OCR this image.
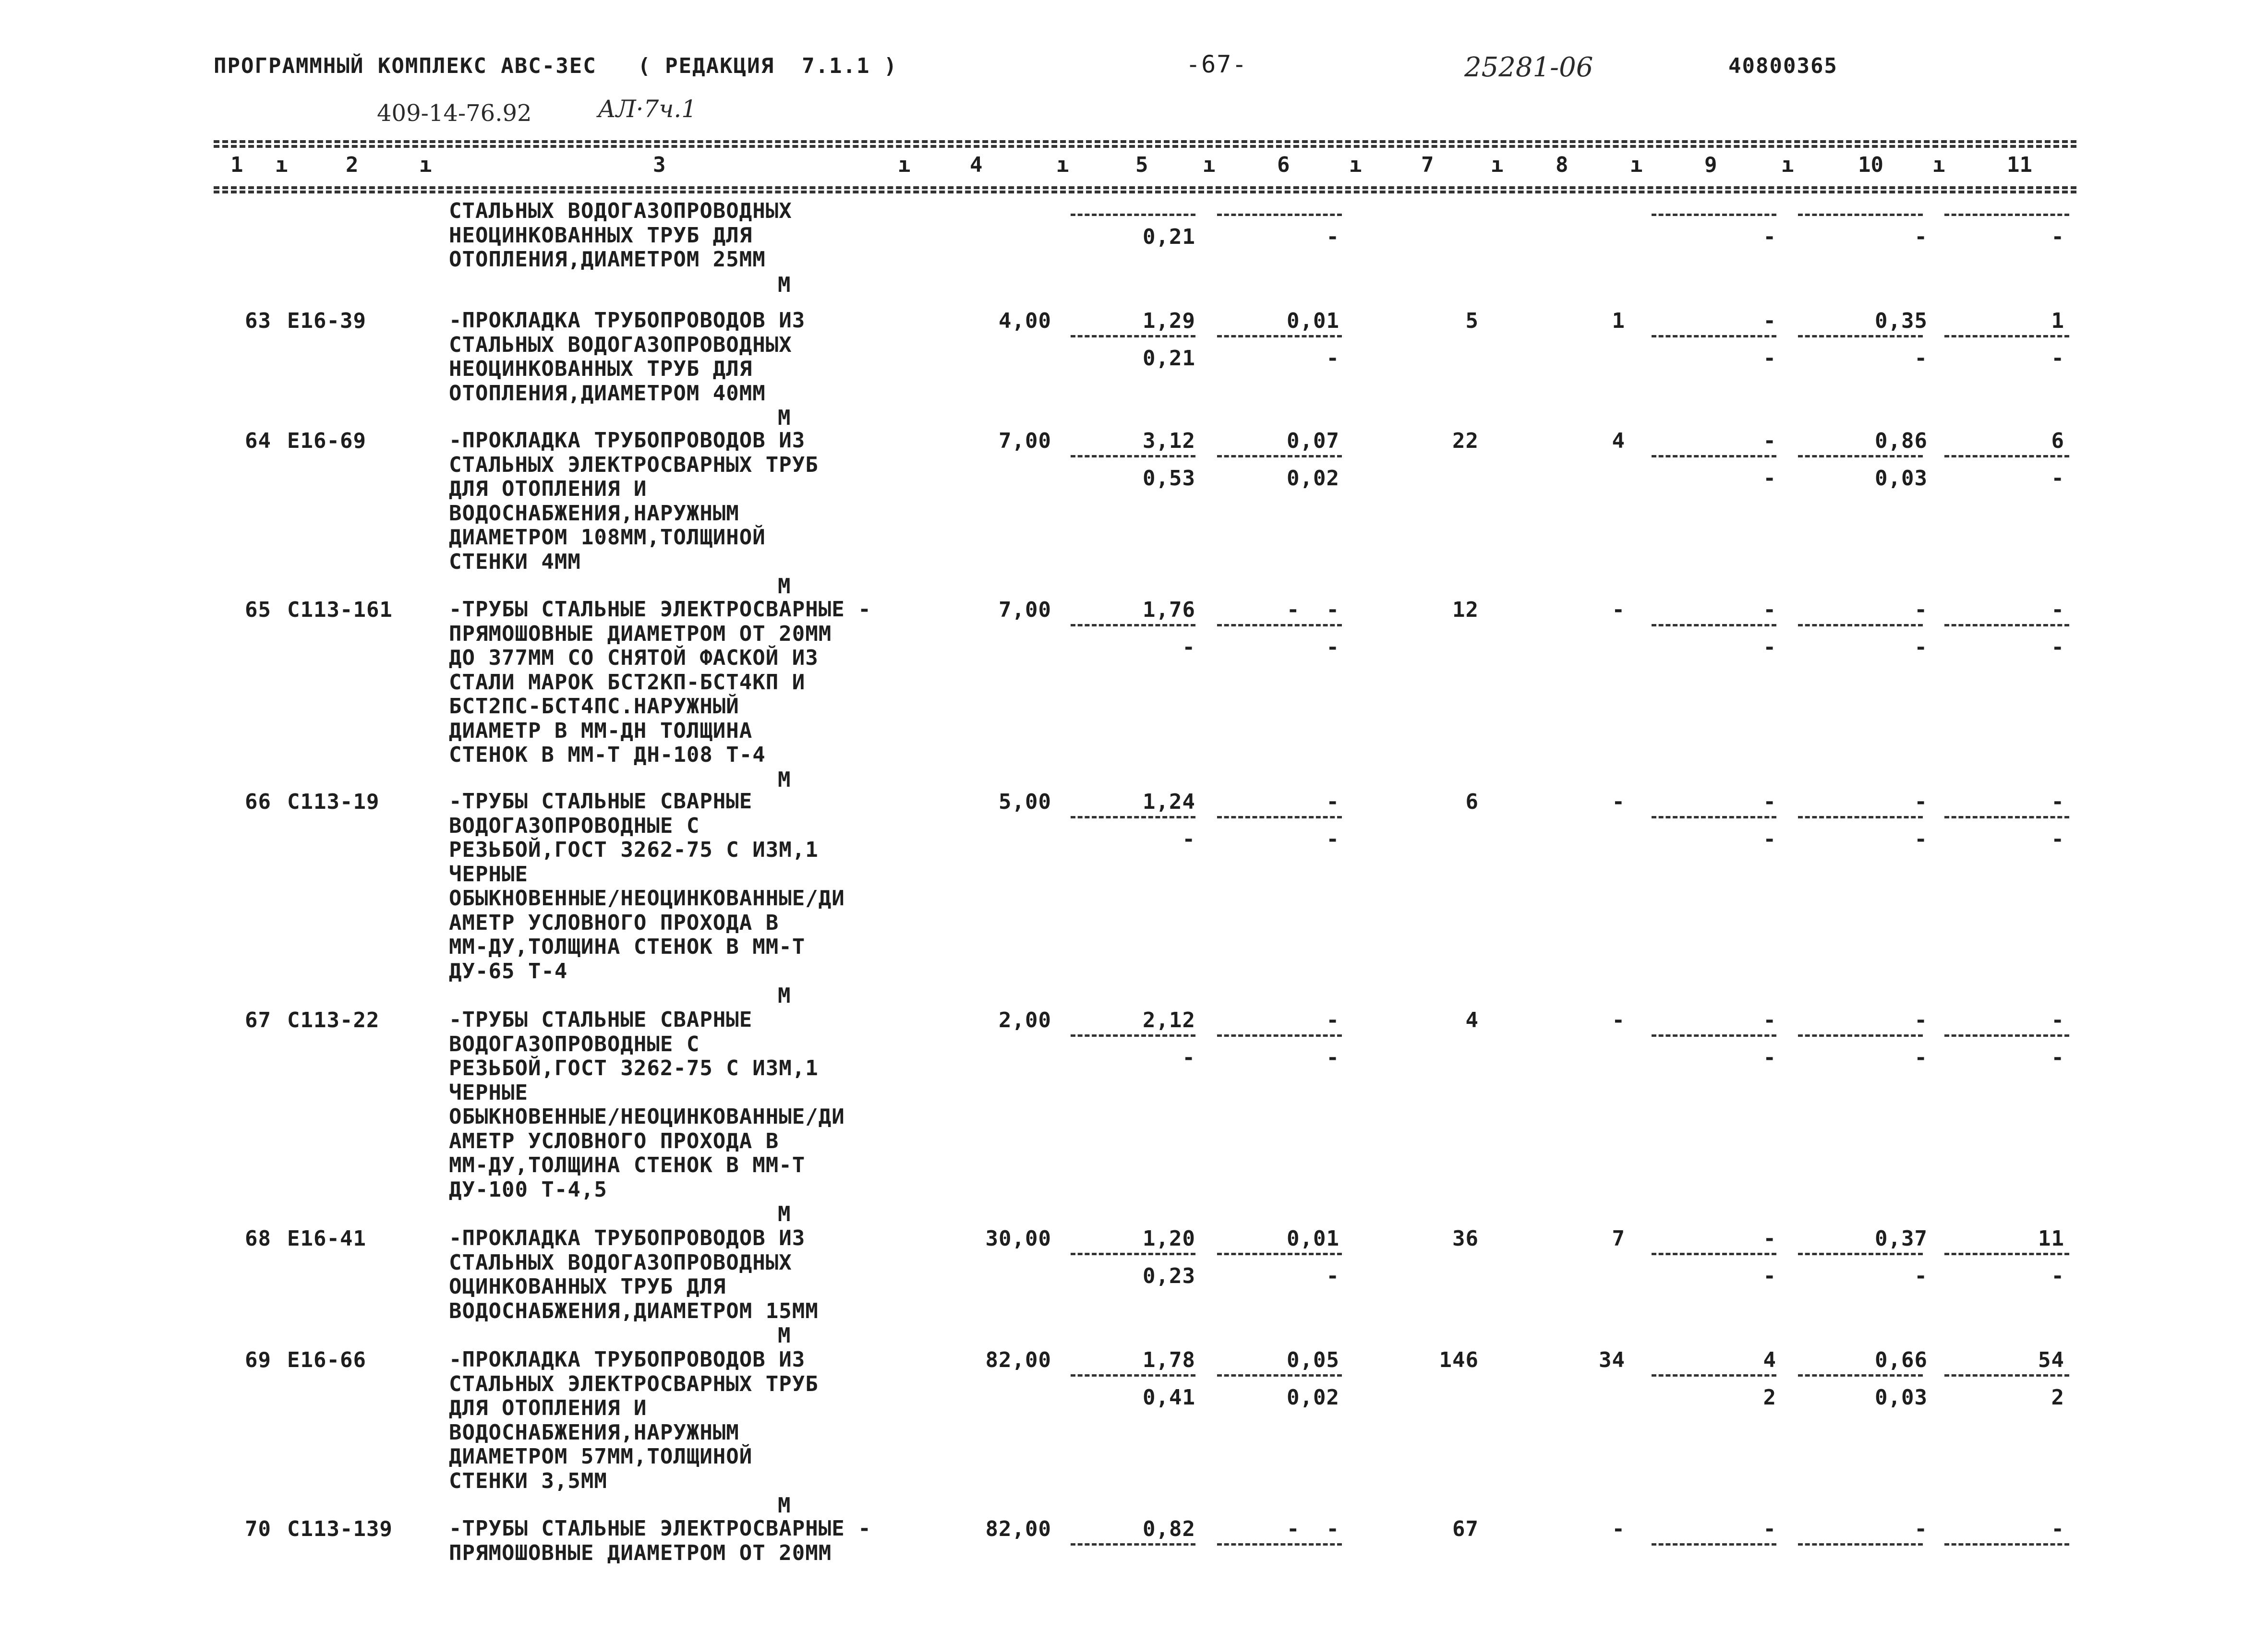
ПРОГРАММНЫЙ КОМПЛЕКС АВС-3ЕС   ( РЕДАКЦИЯ  7.1.1 )	-67-	25281-06	40800365
409-14-76.92	АЛ·7ч.1
1	2	3	4	5	6	7	8	9	10	11
ı	ı	ı	ı	ı	ı	ı	ı	ı	ı
СТАЛЬНЫХ ВОДОГАЗОПРОВОДНЫХ
НЕОЦИНКОВАННЫХ ТРУБ ДЛЯ
ОТОПЛЕНИЯ,ДИАМЕТРОМ 25ММ
0,21	-	-	-	-
М
63 Е16-39	-ПРОКЛАДКА ТРУБОПРОВОДОВ ИЗ
СТАЛЬНЫХ ВОДОГАЗОПРОВОДНЫХ
НЕОЦИНКОВАННЫХ ТРУБ ДЛЯ
ОТОПЛЕНИЯ,ДИАМЕТРОМ 40ММ
4,00	1,29	0,01	5	1	-	0,35	1
0,21	-	-	-	-
М
64 Е16-69	-ПРОКЛАДКА ТРУБОПРОВОДОВ ИЗ
СТАЛЬНЫХ ЭЛЕКТРОСВАРНЫХ ТРУБ
ДЛЯ ОТОПЛЕНИЯ И
ВОДОСНАБЖЕНИЯ,НАРУЖНЫМ
ДИАМЕТРОМ 108ММ,ТОЛЩИНОЙ
СТЕНКИ 4ММ
7,00	3,12	0,07	22	4	-	0,86	6
0,53	0,02	-	0,03	-
М
65 С113-161	-ТРУБЫ СТАЛЬНЫЕ ЭЛЕКТРОСВАРНЫЕ -
ПРЯМОШОВНЫЕ ДИАМЕТРОМ ОТ 20ММ
ДО 377ММ СО СНЯТОЙ ФАСКОЙ ИЗ
СТАЛИ МАРОК БСТ2КП-БСТ4КП И
БСТ2ПС-БСТ4ПС.НАРУЖНЫЙ
ДИАМЕТР В ММ-ДН ТОЛЩИНА
СТЕНОК В ММ-Т ДН-108 Т-4
7,00	1,76	-  -	12	-	-	-	-
-	-	-	-	-
М
66 С113-19	-ТРУБЫ СТАЛЬНЫЕ СВАРНЫЕ
ВОДОГАЗОПРОВОДНЫЕ С
РЕЗЬБОЙ,ГОСТ 3262-75 С ИЗМ,1
ЧЕРНЫЕ
ОБЫКНОВЕННЫЕ/НЕОЦИНКОВАННЫЕ/ДИ
АМЕТР УСЛОВНОГО ПРОХОДА В
ММ-ДУ,ТОЛЩИНА СТЕНОК В ММ-Т
ДУ-65 Т-4
5,00	1,24	-	6	-	-	-	-
-	-	-	-	-
М
67 С113-22	-ТРУБЫ СТАЛЬНЫЕ СВАРНЫЕ
ВОДОГАЗОПРОВОДНЫЕ С
РЕЗЬБОЙ,ГОСТ 3262-75 С ИЗМ,1
ЧЕРНЫЕ
ОБЫКНОВЕННЫЕ/НЕОЦИНКОВАННЫЕ/ДИ
АМЕТР УСЛОВНОГО ПРОХОДА В
ММ-ДУ,ТОЛЩИНА СТЕНОК В ММ-Т
ДУ-100 Т-4,5
2,00	2,12	-	4	-	-	-	-
-	-	-	-	-
М
68 Е16-41	-ПРОКЛАДКА ТРУБОПРОВОДОВ ИЗ
СТАЛЬНЫХ ВОДОГАЗОПРОВОДНЫХ
ОЦИНКОВАННЫХ ТРУБ ДЛЯ
ВОДОСНАБЖЕНИЯ,ДИАМЕТРОМ 15ММ
30,00	1,20	0,01	36	7	-	0,37	11
0,23	-	-	-	-
М
69 Е16-66	-ПРОКЛАДКА ТРУБОПРОВОДОВ ИЗ
СТАЛЬНЫХ ЭЛЕКТРОСВАРНЫХ ТРУБ
ДЛЯ ОТОПЛЕНИЯ И
ВОДОСНАБЖЕНИЯ,НАРУЖНЫМ
ДИАМЕТРОМ 57ММ,ТОЛЩИНОЙ
СТЕНКИ 3,5ММ
82,00	1,78	0,05	146	34	4	0,66	54
0,41	0,02	2	0,03	2
М
70 С113-139	-ТРУБЫ СТАЛЬНЫЕ ЭЛЕКТРОСВАРНЫЕ -
ПРЯМОШОВНЫЕ ДИАМЕТРОМ ОТ 20ММ
82,00	0,82	-  -	67	-	-	-	-
